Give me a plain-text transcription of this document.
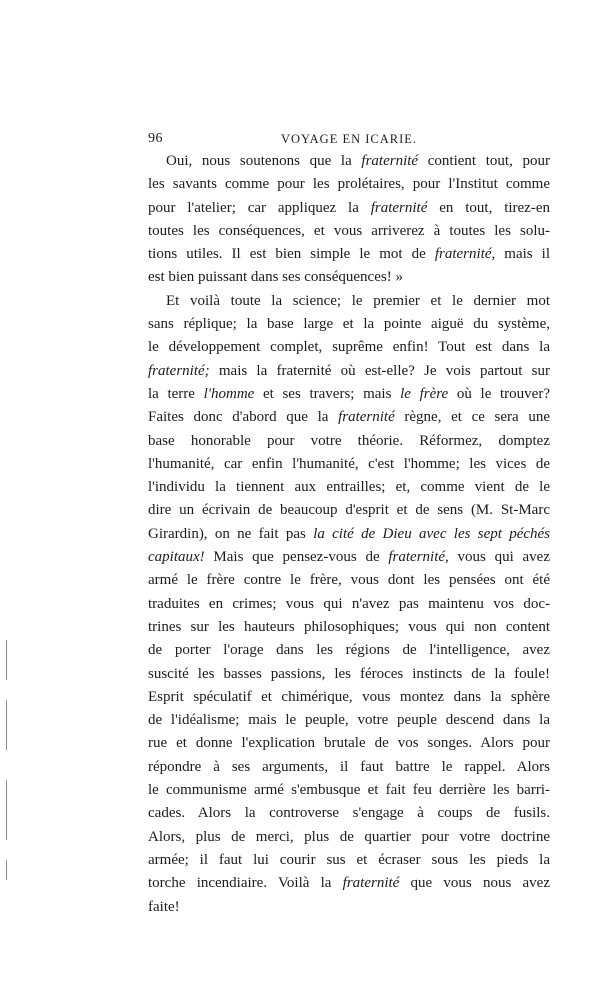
96	VOYAGE EN ICARIE.
Oui, nous soutenons que la fraternité contient tout, pour
les savants comme pour les prolétaires, pour l'Institut comme
pour l'atelier; car appliquez la fraternité en tout, tirez-en
toutes les conséquences, et vous arriverez à toutes les solu-
tions utiles. Il est bien simple le mot de fraternité, mais il
est bien puissant dans ses conséquences! »
Et voilà toute la science; le premier et le dernier mot
sans réplique; la base large et la pointe aiguë du système,
le développement complet, suprême enfin! Tout est dans la
fraternité; mais la fraternité où est-elle? Je vois partout sur
la terre l'homme et ses travers; mais le frère où le trouver?
Faites donc d'abord que la fraternité règne, et ce sera une
base honorable pour votre théorie. Réformez, domptez
l'humanité, car enfin l'humanité, c'est l'homme; les vices de
l'individu la tiennent aux entrailles; et, comme vient de le
dire un écrivain de beaucoup d'esprit et de sens (M. St-Marc
Girardin), on ne fait pas la cité de Dieu avec les sept péchés
capitaux! Mais que pensez-vous de fraternité, vous qui avez
armé le frère contre le frère, vous dont les pensées ont été
traduites en crimes; vous qui n'avez pas maintenu vos doc-
trines sur les hauteurs philosophiques; vous qui non content
de porter l'orage dans les régions de l'intelligence, avez
suscité les basses passions, les féroces instincts de la foule!
Esprit spéculatif et chimérique, vous montez dans la sphère
de l'idéalisme; mais le peuple, votre peuple descend dans la
rue et donne l'explication brutale de vos songes. Alors pour
répondre à ses arguments, il faut battre le rappel. Alors
le communisme armé s'embusque et fait feu derrière les barri-
cades. Alors la controverse s'engage à coups de fusils.
Alors, plus de merci, plus de quartier pour votre doctrine
armée; il faut lui courir sus et écraser sous les pieds la
torche incendiaire. Voilà la fraternité que vous nous avez
faite!
